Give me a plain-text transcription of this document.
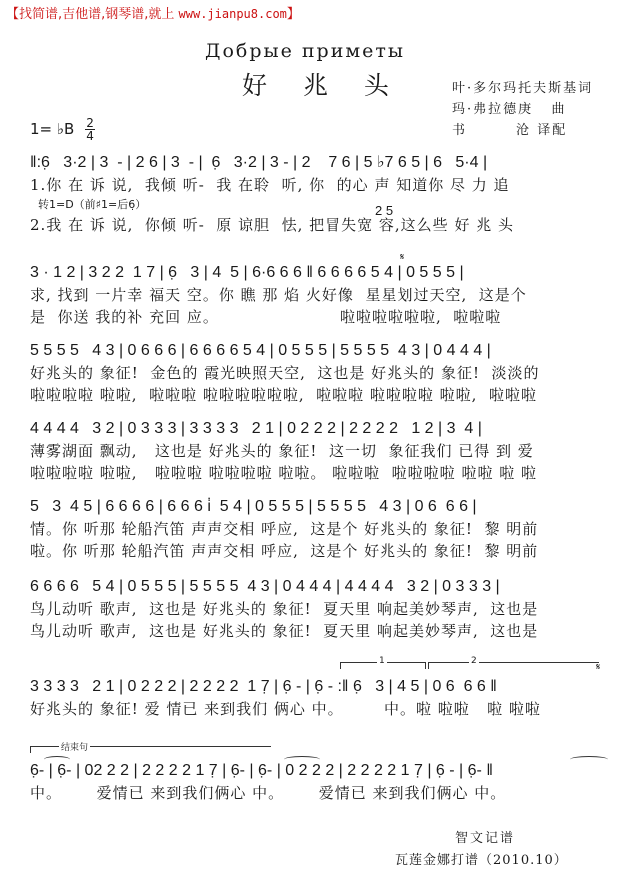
【找简谱,吉他谱,钢琴谱,就上 www.jianpu8.com】
Добрые приметы
好 兆 头	叶·多尔玛托夫斯基词
玛·弗拉德庚   曲
书        沧 译配
1= ♭B $\frac{2}{4}$
‖:6̣   3·2 | 3  - | 2 6 | 3  - |  6̣   3·2 | 3 - | 2    7 6 | 5 ♭7 6 5 | 6   5·4 |
1.你 在 诉 说,  我倾 听-  我 在聆  听, 你  的心 声 知道你 尽 力 追
转1=D（前♯1=后6̣）
2.我 在 诉 说,  你倾 听-  原 谅胆  怯, 把冒失宽 容,这么些 好 兆 头
2 5
3 · 1 2 | 3 2 2  1 7 | 6̣   3 | 4  5 | 6·6 6 6 ‖ 6 6 6 6 5 4 | 0 5 5 5 |
求, 找到 一片幸 福天 空。你 瞧 那 焰 火好像  星星划过天空,  这是个
是  你送 我的补 充回 应。                     啦啦啦啦啦啦,  啦啦啦
𝄋
5 5 5 5   4 3 | 0 6 6 6 | 6 6 6 6 5 4 | 0 5 5 5 | 5 5 5 5  4 3 | 0 4 4 4 |
好兆头的 象征!  金色的 霞光映照天空,  这也是 好兆头的 象征!  淡淡的
啦啦啦啦 啦啦,  啦啦啦 啦啦啦啦啦啦,  啦啦啦 啦啦啦啦 啦啦,  啦啦啦
4 4 4 4   3 2 | 0 3 3 3 | 3 3 3 3   2 1 | 0 2 2 2 | 2 2 2 2   1 2 | 3  4 |
薄雾湖面 飘动,   这也是 好兆头的 象征!  这一切  象征我们 已得 到 爱
啦啦啦啦 啦啦,   啦啦啦 啦啦啦啦 啦啦。 啦啦啦  啦啦啦啦 啦啦 啦 啦
5   3  4 5 | 6 6 6 6 | 6 6 6 i̇  5 4 | 0 5 5 5 | 5 5 5 5   4 3 | 0 6  6 6 |
情。你 听那 轮船汽笛 声声交相 呼应,  这是个 好兆头的 象征!  黎 明前
啦。你 听那 轮船汽笛 声声交相 呼应,  这是个 好兆头的 象征!  黎 明前
6 6 6 6   5 4 | 0 5 5 5 | 5 5 5 5  4 3 | 0 4 4 4 | 4 4 4 4   3 2 | 0 3 3 3 |
鸟儿动听 歌声,  这也是 好兆头的 象征!  夏天里 响起美妙琴声,  这也是
鸟儿动听 歌声,  这也是 好兆头的 象征!  夏天里 响起美妙琴声,  这也是
1	2
𝄋
3 3 3 3   2 1 | 0 2 2 2 | 2 2 2 2  1 7̣ | 6̣ - | 6̣ - :‖ 6̣   3 | 4 5 | 0 6  6 6 ‖
好兆头的 象征! 爱 情已 来到我们 俩心 中。       中。啦 啦啦   啦 啦啦
结束句
6̣- | 6̣- | 02 2 2 | 2 2 2 2 1 7̣ | 6̣- | 6̣- | 0 2 2 2 | 2 2 2 2 1 7̣ | 6̣ - | 6̣- ‖
中。      爱情已 来到我们俩心 中。      爱情已 来到我们俩心 中。
智文记谱
瓦莲金娜打谱（2010.10）
